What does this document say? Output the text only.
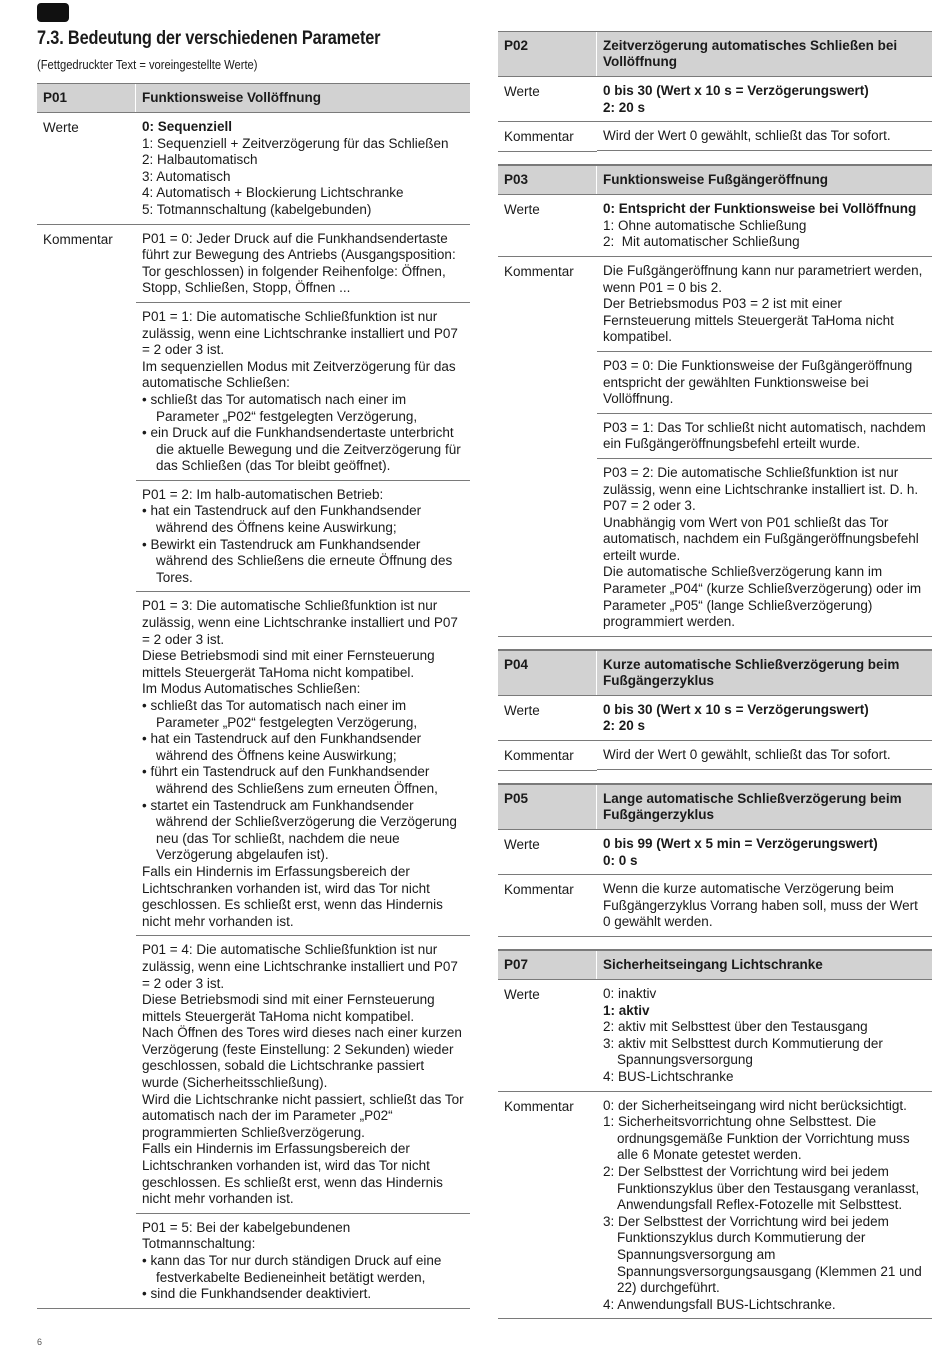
7.3. Bedeutung der verschiedenen Parameter
(Fettgedruckter Text = voreingestellte Werte)
P01	Funktionsweise Vollöffnung
Werte	0: Sequenziell
1: Sequenziell + Zeitverzögerung für das Schließen
2: Halbautomatisch
3: Automatisch
4: Automatisch + Blockierung Lichtschranke
5: Totmannschaltung (kabelgebunden)
Kommentar	P01 = 0: Jeder Druck auf die Funkhandsendertaste führt zur Bewegung des Antriebs (Ausgangsposition: Tor geschlossen) in folgender Reihenfolge: Öffnen, Stopp, Schließen, Stopp, Öffnen ...
P01 = 1: Die automatische Schließfunktion ist nur zulässig, wenn eine Lichtschranke installiert und P07 = 2 oder 3 ist.
Im sequenziellen Modus mit Zeitverzögerung für das automatische Schließen:
• schließt das Tor automatisch nach einer im Parameter „P02“ festgelegten Verzögerung,
• ein Druck auf die Funkhandsendertaste unterbricht die aktuelle Bewegung und die Zeitverzögerung für das Schließen (das Tor bleibt geöffnet).
P01 = 2: Im halb-automatischen Betrieb:
• hat ein Tastendruck auf den Funkhandsender während des Öffnens keine Auswirkung;
• Bewirkt ein Tastendruck am Funkhandsender während des Schließens die erneute Öffnung des Tores.
P01 = 3: Die automatische Schließfunktion ist nur zulässig, wenn eine Lichtschranke installiert und P07 = 2 oder 3 ist.
Diese Betriebsmodi sind mit einer Fernsteuerung mittels Steuergerät TaHoma nicht kompatibel.
Im Modus Automatisches Schließen:
• schließt das Tor automatisch nach einer im Parameter „P02“ festgelegten Verzögerung,
• hat ein Tastendruck auf den Funkhandsender während des Öffnens keine Auswirkung;
• führt ein Tastendruck auf den Funkhandsender während des Schließens zum erneuten Öffnen,
• startet ein Tastendruck am Funkhandsender während der Schließverzögerung die Verzögerung neu (das Tor schließt, nachdem die neue Verzögerung abgelaufen ist).
Falls ein Hindernis im Erfassungsbereich der Lichtschranken vorhanden ist, wird das Tor nicht geschlossen. Es schließt erst, wenn das Hindernis nicht mehr vorhanden ist.
P01 = 4: Die automatische Schließfunktion ist nur zulässig, wenn eine Lichtschranke installiert und P07 = 2 oder 3 ist.
Diese Betriebsmodi sind mit einer Fernsteuerung mittels Steuergerät TaHoma nicht kompatibel.
Nach Öffnen des Tores wird dieses nach einer kurzen Verzögerung (feste Einstellung: 2 Sekunden) wieder geschlossen, sobald die Lichtschranke passiert wurde (Sicherheitsschließung).
Wird die Lichtschranke nicht passiert, schließt das Tor automatisch nach der im Parameter „P02“ programmierten Schließverzögerung.
Falls ein Hindernis im Erfassungsbereich der Lichtschranken vorhanden ist, wird das Tor nicht geschlossen. Es schließt erst, wenn das Hindernis nicht mehr vorhanden ist.
P01 = 5: Bei der kabelgebundenen Totmannschaltung:
• kann das Tor nur durch ständigen Druck auf eine festverkabelte Bedieneinheit betätigt werden,
• sind die Funkhandsender deaktiviert.
P02	Zeitverzögerung automatisches Schließen bei Vollöffnung
Werte	0 bis 30 (Wert x 10 s = Verzögerungswert)
2: 20 s
Kommentar	Wird der Wert 0 gewählt, schließt das Tor sofort.
P03	Funktionsweise Fußgängeröffnung
Werte	0: Entspricht der Funktionsweise bei Vollöffnung
1: Ohne automatische Schließung
2:  Mit automatischer Schließung
Kommentar	Die Fußgängeröffnung kann nur parametriert werden, wenn P01 = 0 bis 2.
Der Betriebsmodus P03 = 2 ist mit einer Fernsteuerung mittels Steuergerät TaHoma nicht kompatibel.
P03 = 0: Die Funktionsweise der Fußgängeröffnung entspricht der gewählten Funktionsweise bei Vollöffnung.
P03 = 1: Das Tor schließt nicht automatisch, nachdem ein Fußgängeröffnungsbefehl erteilt wurde.
P03 = 2: Die automatische Schließfunktion ist nur zulässig, wenn eine Lichtschranke installiert ist. D. h. P07 = 2 oder 3.
Unabhängig vom Wert von P01 schließt das Tor automatisch, nachdem ein Fußgängeröffnungsbefehl erteilt wurde.
Die automatische Schließverzögerung kann im Parameter „P04“ (kurze Schließverzögerung) oder im Parameter „P05“ (lange Schließverzögerung) programmiert werden.
P04	Kurze automatische Schließverzögerung beim Fußgängerzyklus
Werte	0 bis 30 (Wert x 10 s = Verzögerungswert)
2: 20 s
Kommentar	Wird der Wert 0 gewählt, schließt das Tor sofort.
P05	Lange automatische Schließverzögerung beim Fußgängerzyklus
Werte	0 bis 99 (Wert x 5 min = Verzögerungswert)
0: 0 s
Kommentar	Wenn die kurze automatische Verzögerung beim Fußgängerzyklus Vorrang haben soll, muss der Wert 0 gewählt werden.
P07	Sicherheitseingang Lichtschranke
Werte	0: inaktiv
1: aktiv
2: aktiv mit Selbsttest über den Testausgang
3: aktiv mit Selbsttest durch Kommutierung der Spannungsversorgung
4: BUS-Lichtschranke
Kommentar	0: der Sicherheitseingang wird nicht berücksichtigt.
1: Sicherheitsvorrichtung ohne Selbsttest. Die ordnungsgemäße Funktion der Vorrichtung muss alle 6 Monate getestet werden.
2: Der Selbsttest der Vorrichtung wird bei jedem Funktionszyklus über den Testausgang veranlasst, Anwendungsfall Reflex-Fotozelle mit Selbsttest.
3: Der Selbsttest der Vorrichtung wird bei jedem Funktionszyklus durch Kommutierung der Spannungsversorgung am Spannungsversorgungsausgang (Klemmen 21 und 22) durchgeführt.
4: Anwendungsfall BUS-Lichtschranke.
6
